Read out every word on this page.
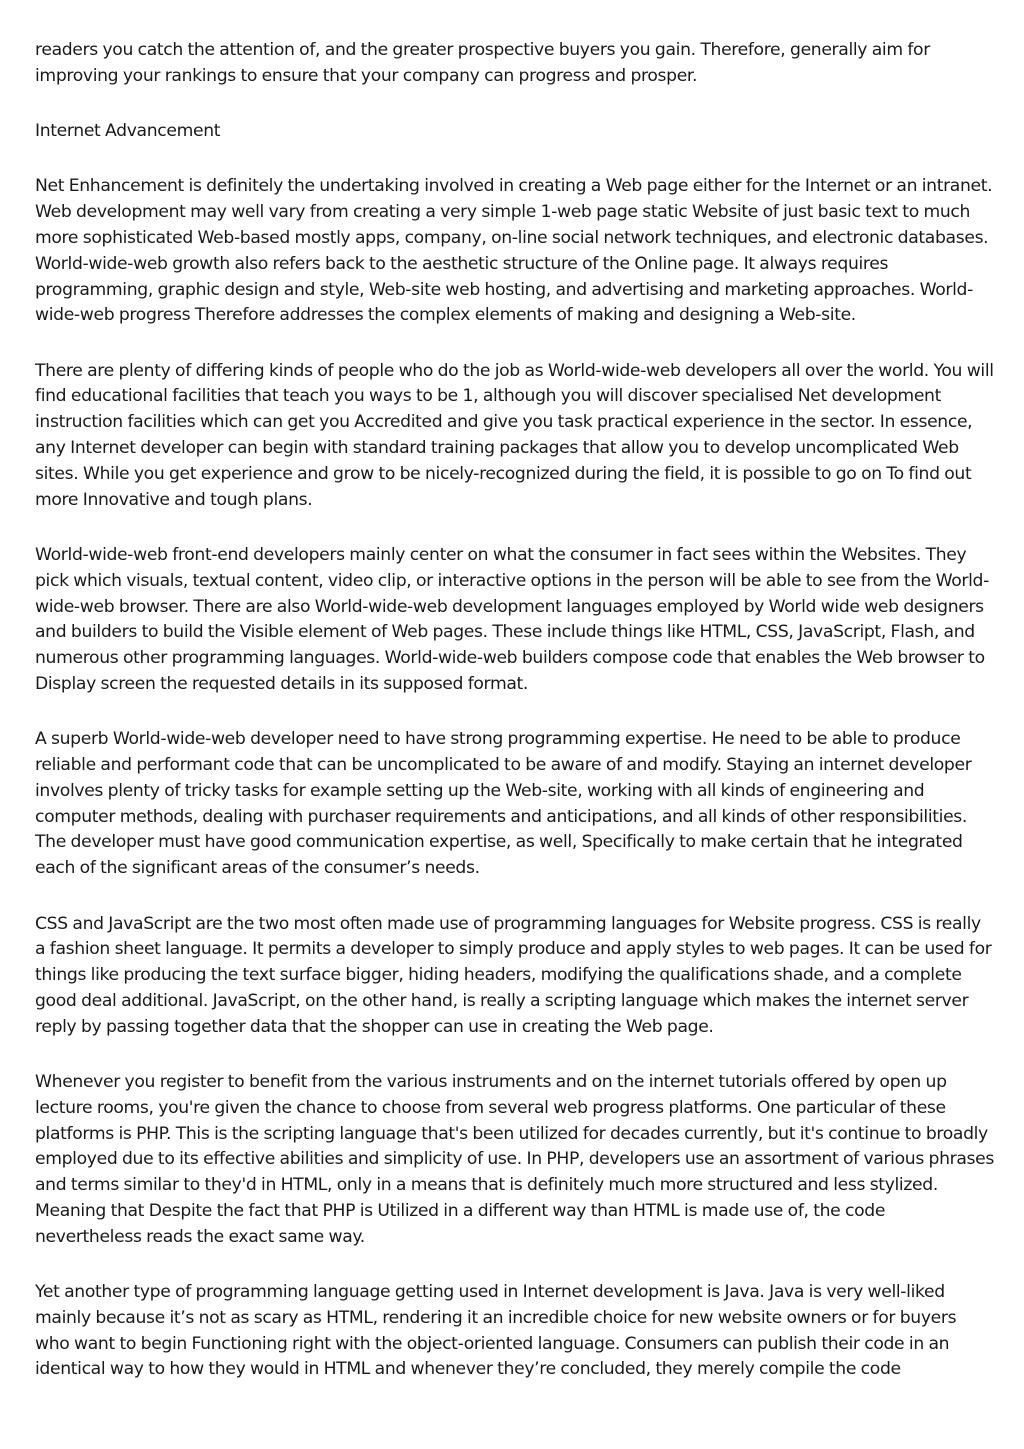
readers you catch the attention of, and the greater prospective buyers you gain. Therefore, generally aim for improving your rankings to ensure that your company can progress and prosper.

Internet Advancement

Net Enhancement is definitely the undertaking involved in creating a Web page either for the Internet or an intranet. Web development may well vary from creating a very simple 1-web page static Website of just basic text to much more sophisticated Web-based mostly apps, company, on-line social network techniques, and electronic databases. World-wide-web growth also refers back to the aesthetic structure of the Online page. It always requires programming, graphic design and style, Web-site web hosting, and advertising and marketing approaches. World-wide-web progress Therefore addresses the complex elements of making and designing a Web-site.

There are plenty of differing kinds of people who do the job as World-wide-web developers all over the world. You will find educational facilities that teach you ways to be 1, although you will discover specialised Net development instruction facilities which can get you Accredited and give you task practical experience in the sector. In essence, any Internet developer can begin with standard training packages that allow you to develop uncomplicated Web sites. While you get experience and grow to be nicely-recognized during the field, it is possible to go on To find out more Innovative and tough plans.

World-wide-web front-end developers mainly center on what the consumer in fact sees within the Websites. They pick which visuals, textual content, video clip, or interactive options in the person will be able to see from the World-wide-web browser. There are also World-wide-web development languages employed by World wide web designers and builders to build the Visible element of Web pages. These include things like HTML, CSS, JavaScript, Flash, and numerous other programming languages. World-wide-web builders compose code that enables the Web browser to Display screen the requested details in its supposed format.

A superb World-wide-web developer need to have strong programming expertise. He need to be able to produce reliable and performant code that can be uncomplicated to be aware of and modify. Staying an internet developer involves plenty of tricky tasks for example setting up the Web-site, working with all kinds of engineering and computer methods, dealing with purchaser requirements and anticipations, and all kinds of other responsibilities. The developer must have good communication expertise, as well, Specifically to make certain that he integrated each of the significant areas of the consumer’s needs.

CSS and JavaScript are the two most often made use of programming languages for Website progress. CSS is really a fashion sheet language. It permits a developer to simply produce and apply styles to web pages. It can be used for things like producing the text surface bigger, hiding headers, modifying the qualifications shade, and a complete good deal additional. JavaScript, on the other hand, is really a scripting language which makes the internet server reply by passing together data that the shopper can use in creating the Web page.

Whenever you register to benefit from the various instruments and on the internet tutorials offered by open up lecture rooms, you're given the chance to choose from several web progress platforms. One particular of these platforms is PHP. This is the scripting language that's been utilized for decades currently, but it's continue to broadly employed due to its effective abilities and simplicity of use. In PHP, developers use an assortment of various phrases and terms similar to they'd in HTML, only in a means that is definitely much more structured and less stylized. Meaning that Despite the fact that PHP is Utilized in a different way than HTML is made use of, the code nevertheless reads the exact same way.

Yet another type of programming language getting used in Internet development is Java. Java is very well-liked mainly because it’s not as scary as HTML, rendering it an incredible choice for new website owners or for buyers who want to begin Functioning right with the object-oriented language. Consumers can publish their code in an identical way to how they would in HTML and whenever they’re concluded, they merely compile the code
